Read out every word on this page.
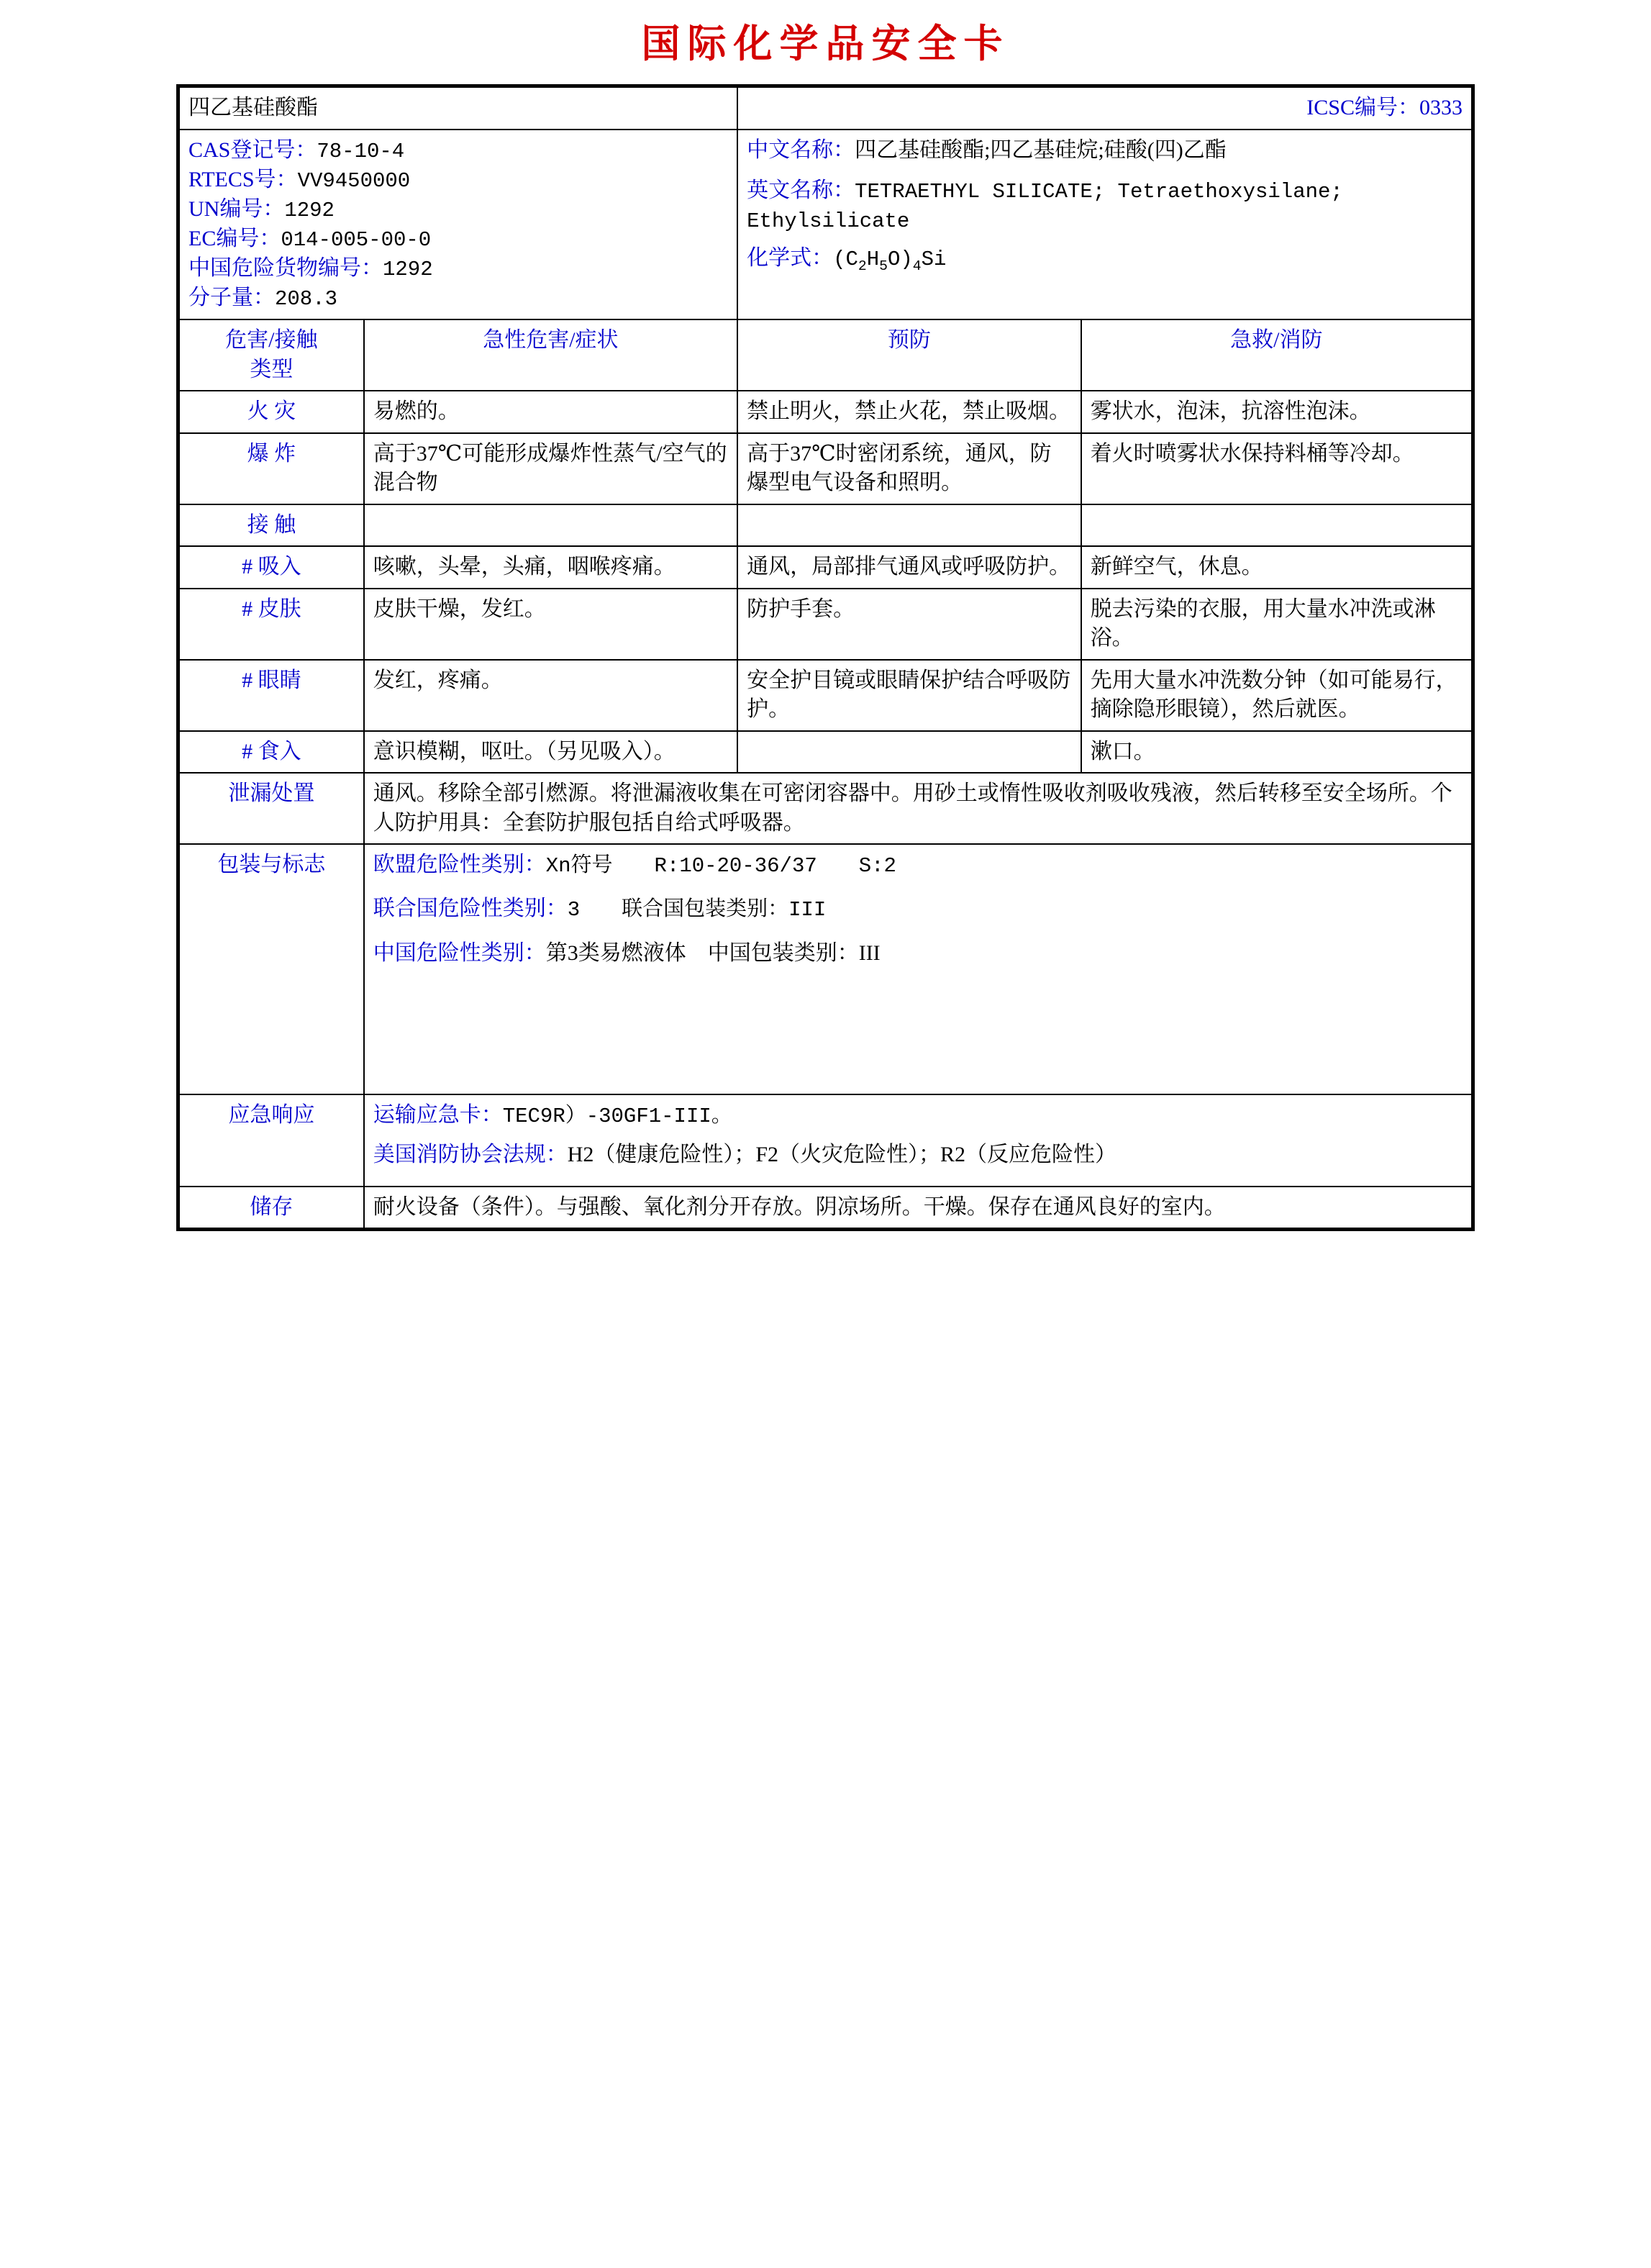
国际化学品安全卡
四乙基硅酸酯		ICSC编号：0333	

CAS登记号：78-10-4
RTECS号：VV9450000
UN编号：1292
EC编号：014-005-00-0
中国危险货物编号：1292
分子量：208.3

中文名称：四乙基硅酸酯;四乙基硅烷;硅酸(四)乙酯
英文名称：TETRAETHYL SILICATE; Tetraethoxysilane; Ethylsilicate
化学式：$(C_2H_5O)_4Si$

危害/接触
类型	急性危害/症状	预防	急救/消防
火 灾	易燃的。	禁止明火，禁止火花，禁止吸烟。	雾状水，泡沫，抗溶性泡沫。
爆 炸	高于37℃可能形成爆炸性蒸气/空气的混合物	高于37℃时密闭系统，通风，防爆型电气设备和照明。	着火时喷雾状水保持料桶等冷却。
接 触			
# 吸入	咳嗽，头晕，头痛，咽喉疼痛。	通风，局部排气通风或呼吸防护。	新鲜空气，休息。
# 皮肤	皮肤干燥，发红。	防护手套。	脱去污染的衣服，用大量水冲洗或淋浴。
# 眼睛	发红，疼痛。	安全护目镜或眼睛保护结合呼吸防护。	先用大量水冲洗数分钟（如可能易行，摘除隐形眼镜），然后就医。
# 食入	意识模糊，呕吐。（另见吸入）。		漱口。
泄漏处置	通风。移除全部引燃源。将泄漏液收集在可密闭容器中。用砂土或惰性吸收剂吸收残液，然后转移至安全场所。个人防护用具：全套防护服包括自给式呼吸器。		
包装与标志	欧盟危险性类别：Xn符号　　R:10-20-36/37　　S:2
联合国危险性类别：3　　联合国包装类别：III
中国危险性类别：第3类易燃液体　中国包装类别：III		

应急响应	运输应急卡：TEC9R）-30GF1-III。
美国消防协会法规：H2（健康危险性）；F2（火灾危险性）；R2（反应危险性）		

储存	耐火设备（条件）。与强酸、氧化剂分开存放。阴凉场所。干燥。保存在通风良好的室内。		
